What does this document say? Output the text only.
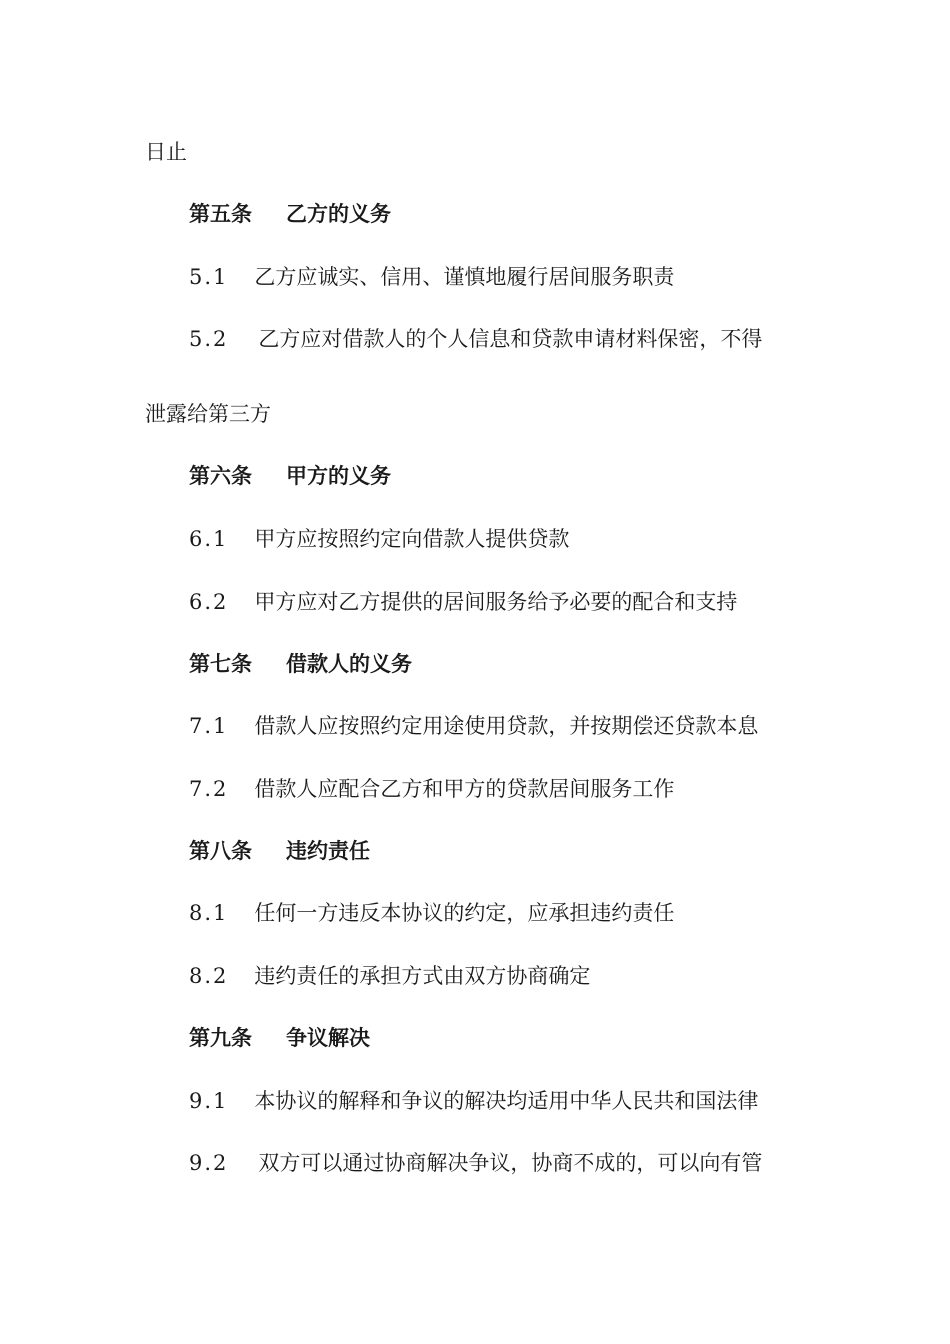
日止
第五条 乙方的义务
5.1 乙方应诚实、信用、谨慎地履行居间服务职责
5.2 乙方应对借款人的个人信息和贷款申请材料保密，不得
泄露给第三方
第六条 甲方的义务
6.1 甲方应按照约定向借款人提供贷款
6.2 甲方应对乙方提供的居间服务给予必要的配合和支持
第七条 借款人的义务
7.1 借款人应按照约定用途使用贷款，并按期偿还贷款本息
7.2 借款人应配合乙方和甲方的贷款居间服务工作
第八条 违约责任
8.1 任何一方违反本协议的约定，应承担违约责任
8.2 违约责任的承担方式由双方协商确定
第九条 争议解决
9.1 本协议的解释和争议的解决均适用中华人民共和国法律
9.2 双方可以通过协商解决争议，协商不成的，可以向有管
